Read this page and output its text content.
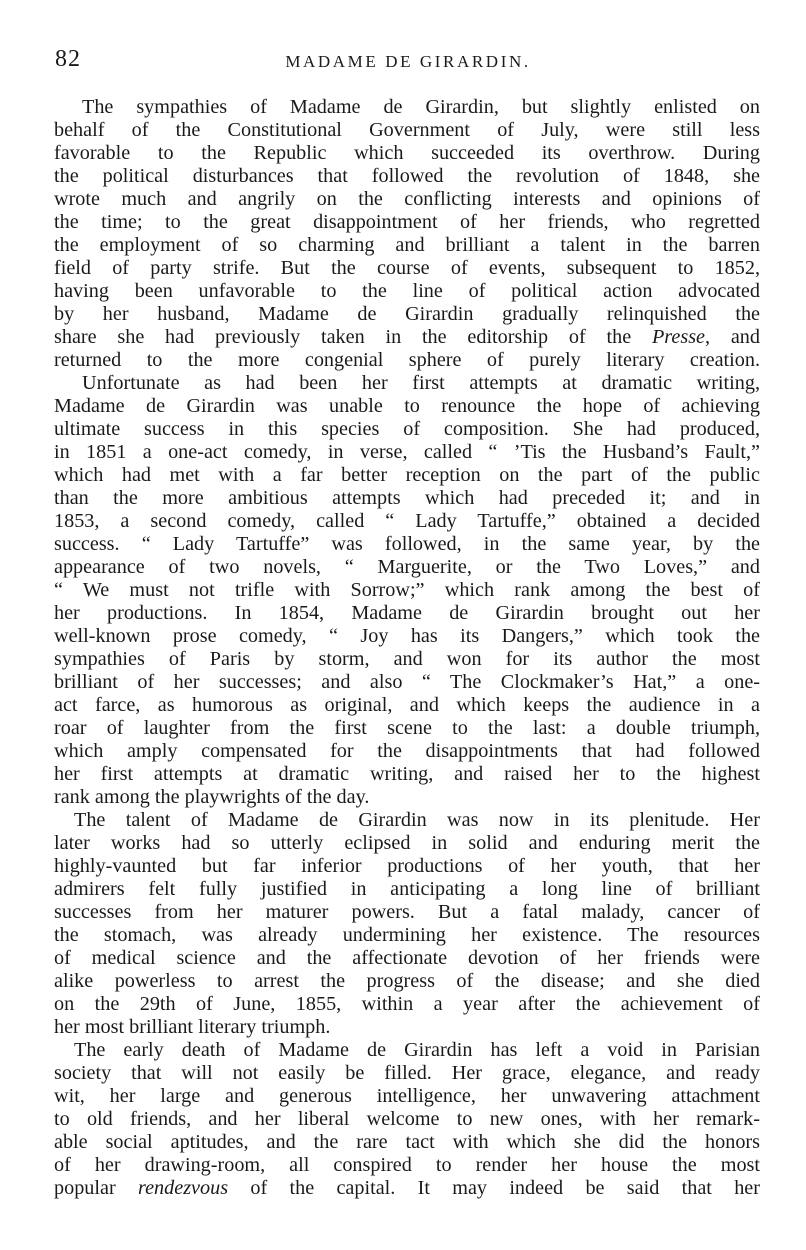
82	MADAME DE GIRARDIN.
The sympathies of Madame de Girardin, but slightly enlisted on
behalf of the Constitutional Government of July, were still less
favorable to the Republic which succeeded its overthrow. During
the political disturbances that followed the revolution of 1848, she
wrote much and angrily on the conflicting interests and opinions of
the time; to the great disappointment of her friends, who regretted
the employment of so charming and brilliant a talent in the barren
field of party strife. But the course of events, subsequent to 1852,
having been unfavorable to the line of political action advocated
by her husband, Madame de Girardin gradually relinquished the
share she had previously taken in the editorship of the Presse, and
returned to the more congenial sphere of purely literary creation.
Unfortunate as had been her first attempts at dramatic writing,
Madame de Girardin was unable to renounce the hope of achieving
ultimate success in this species of composition. She had produced,
in 1851 a one-act comedy, in verse, called “ ’Tis the Husband’s Fault,”
which had met with a far better reception on the part of the public
than the more ambitious attempts which had preceded it; and in
1853, a second comedy, called “ Lady Tartuffe,” obtained a decided
success. “ Lady Tartuffe” was followed, in the same year, by the
appearance of two novels, “ Marguerite, or the Two Loves,” and
“ We must not trifle with Sorrow;” which rank among the best of
her productions. In 1854, Madame de Girardin brought out her
well-known prose comedy, “ Joy has its Dangers,” which took the
sympathies of Paris by storm, and won for its author the most
brilliant of her successes; and also “ The Clockmaker’s Hat,” a one-
act farce, as humorous as original, and which keeps the audience in a
roar of laughter from the first scene to the last: a double triumph,
which amply compensated for the disappointments that had followed
her first attempts at dramatic writing, and raised her to the highest
rank among the playwrights of the day.
The talent of Madame de Girardin was now in its plenitude. Her
later works had so utterly eclipsed in solid and enduring merit the
highly-vaunted but far inferior productions of her youth, that her
admirers felt fully justified in anticipating a long line of brilliant
successes from her maturer powers. But a fatal malady, cancer of
the stomach, was already undermining her existence. The resources
of medical science and the affectionate devotion of her friends were
alike powerless to arrest the progress of the disease; and she died
on the 29th of June, 1855, within a year after the achievement of
her most brilliant literary triumph.
The early death of Madame de Girardin has left a void in Parisian
society that will not easily be filled. Her grace, elegance, and ready
wit, her large and generous intelligence, her unwavering attachment
to old friends, and her liberal welcome to new ones, with her remark-
able social aptitudes, and the rare tact with which she did the honors
of her drawing-room, all conspired to render her house the most
popular rendezvous of the capital. It may indeed be said that her
